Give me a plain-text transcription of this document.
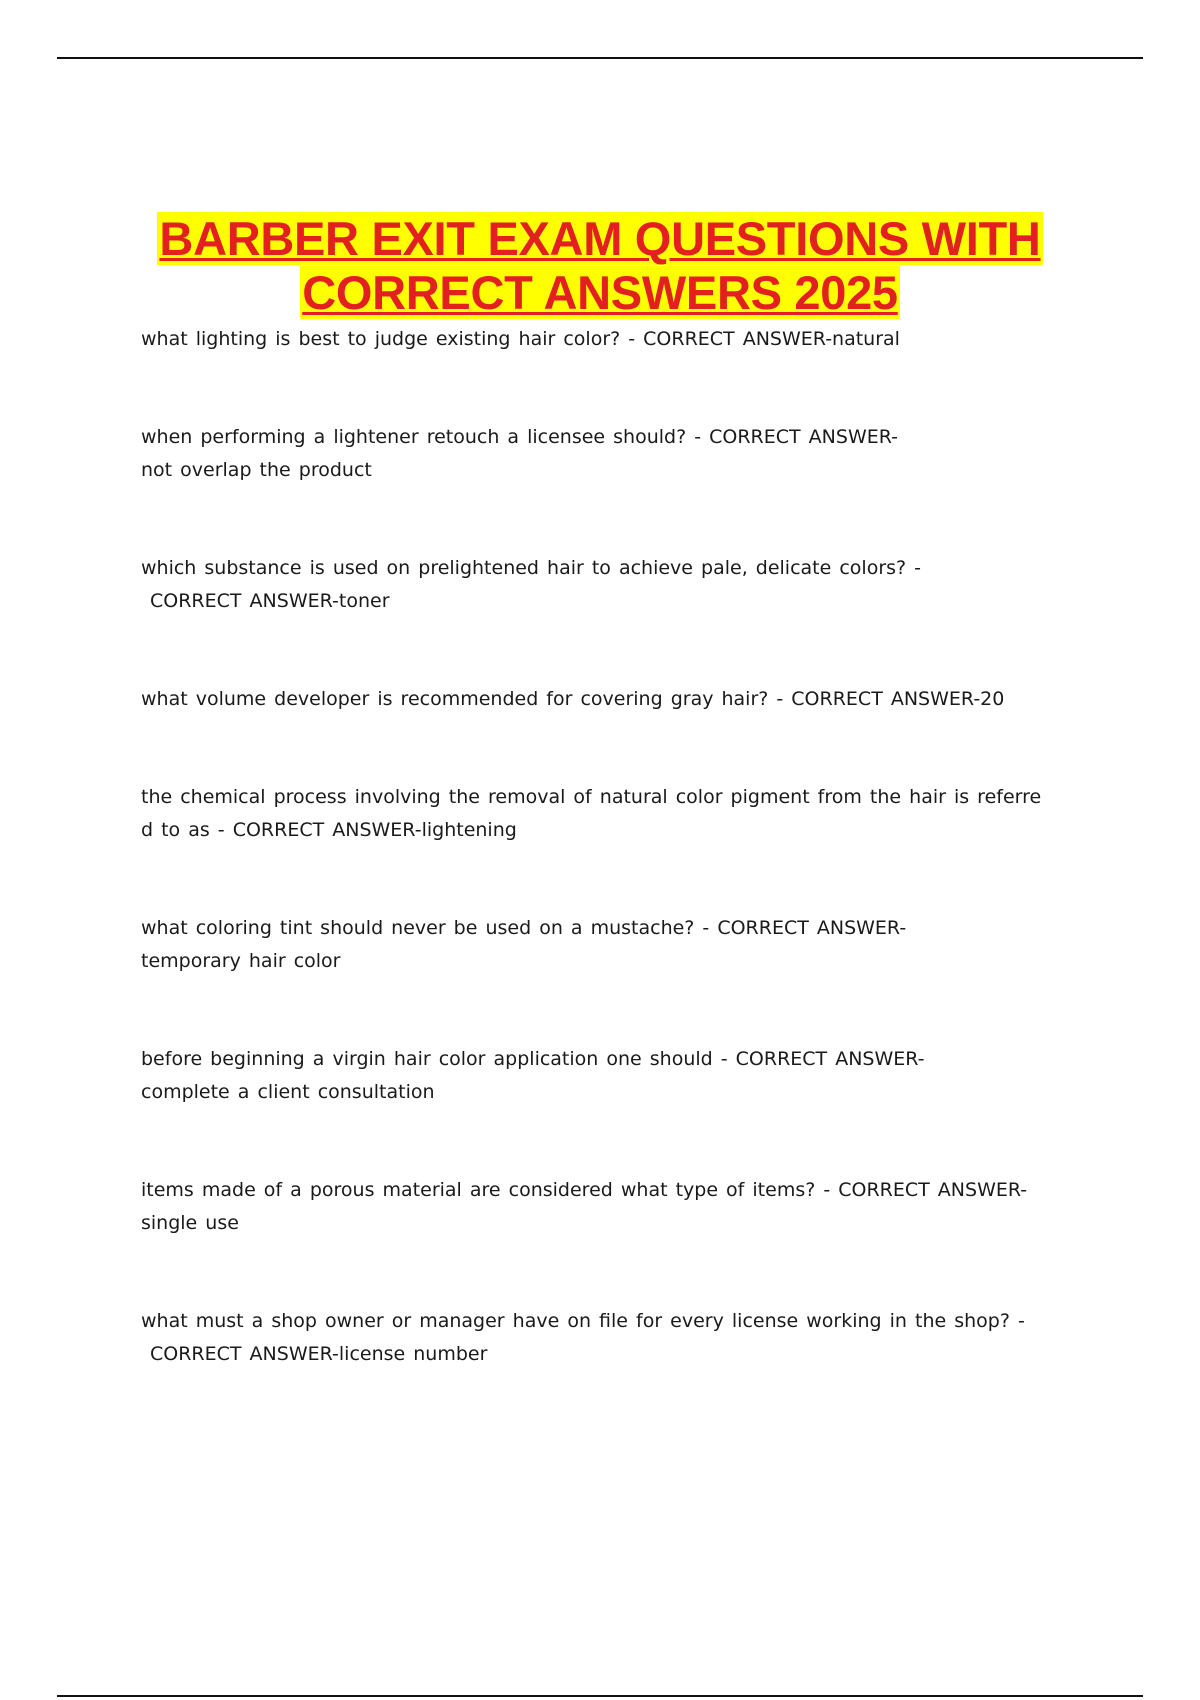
BARBER EXIT EXAM QUESTIONS WITH
CORRECT ANSWERS 2025
what lighting is best to judge existing hair color? - CORRECT ANSWER-natural
when performing a lightener retouch a licensee should? - CORRECT ANSWER-
not overlap the product
which substance is used on prelightened hair to achieve pale, delicate colors? -
CORRECT ANSWER-toner
what volume developer is recommended for covering gray hair? - CORRECT ANSWER-20
the chemical process involving the removal of natural color pigment from the hair is referre
d to as - CORRECT ANSWER-lightening
what coloring tint should never be used on a mustache? - CORRECT ANSWER-
temporary hair color
before beginning a virgin hair color application one should - CORRECT ANSWER-
complete a client consultation
items made of a porous material are considered what type of items? - CORRECT ANSWER-
single use
what must a shop owner or manager have on file for every license working in the shop? -
CORRECT ANSWER-license number
